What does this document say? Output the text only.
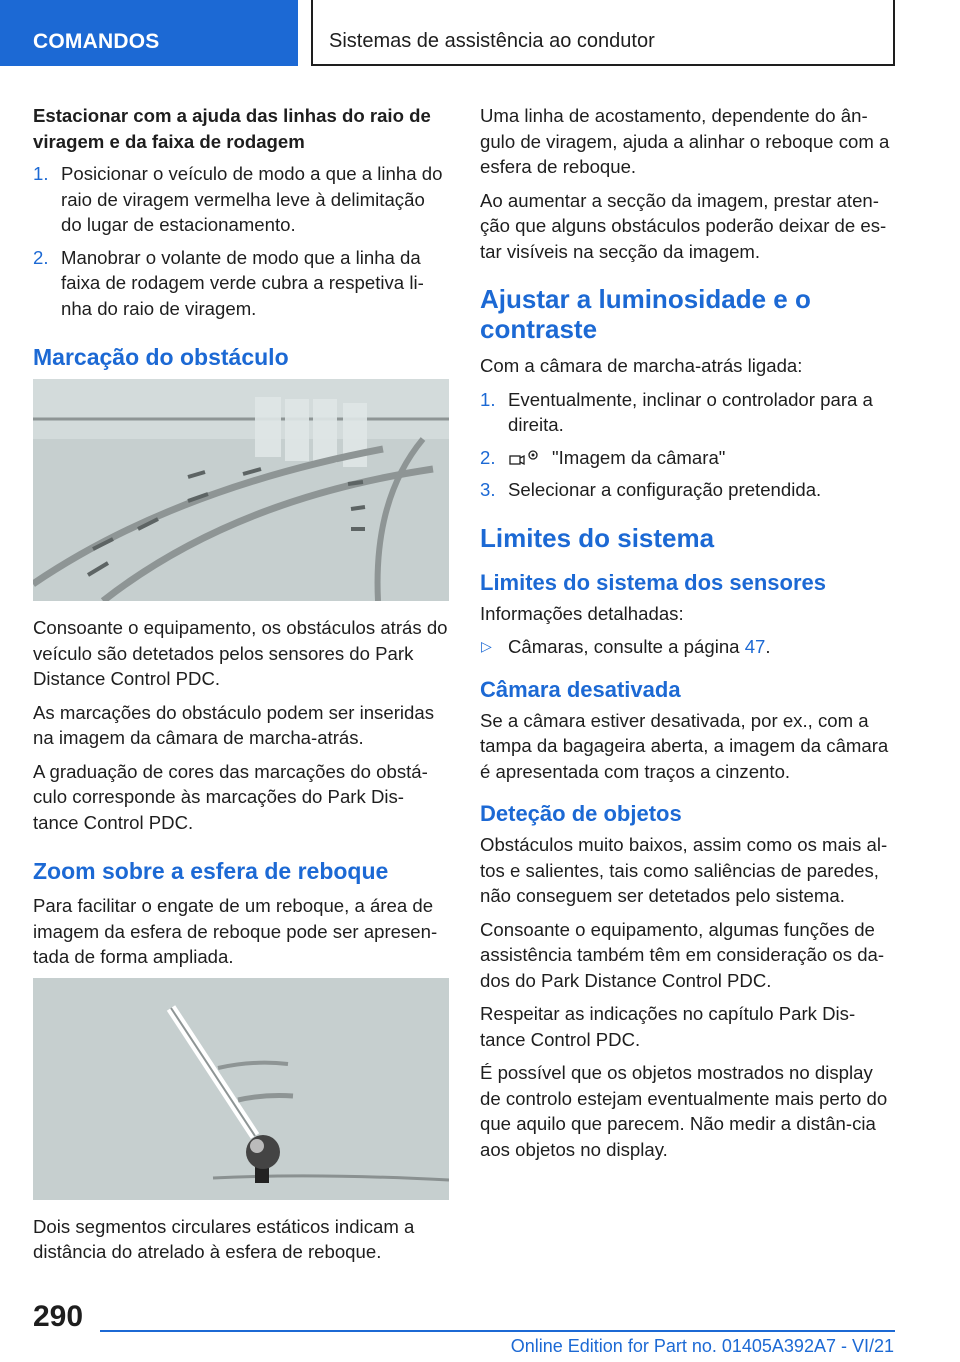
COMANDOS	Sistemas de assistência ao condutor

Estacionar com a ajuda das linhas do raio de viragem e da faixa de rodagem

1. Posicionar o veículo de modo a que a linha do raio de viragem vermelha leve à delimitação do lugar de estacionamento.
2. Manobrar o volante de modo que a linha da faixa de rodagem verde cubra a respetiva li-nha do raio de viragem.
Marcação do obstáculo

Consoante o equipamento, os obstáculos atrás do veículo são detetados pelos sensores do Park Distance Control PDC.

As marcações do obstáculo podem ser inseridas na imagem da câmara de marcha-atrás.

A graduação de cores das marcações do obstá-culo corresponde às marcações do Park Dis-tance Control PDC.

Zoom sobre a esfera de reboque

Para facilitar o engate de um reboque, a área de imagem da esfera de reboque pode ser apresen-tada de forma ampliada.

Dois segmentos circulares estáticos indicam a distância do atrelado à esfera de reboque.

Uma linha de acostamento, dependente do ân-gulo de viragem, ajuda a alinhar o reboque com a esfera de reboque.

Ao aumentar a secção da imagem, prestar aten-ção que alguns obstáculos poderão deixar de es-tar visíveis na secção da imagem.

Ajustar a luminosidade e o contraste

Com a câmara de marcha-atrás ligada:

1. Eventualmente, inclinar o controlador para a direita.
2.	"Imagem da câmara"
3. Selecionar a configuração pretendida.
Limites do sistema
Limites do sistema dos sensores

Informações detalhadas:

▷ Câmaras, consulte a página 47.
Câmara desativada

Se a câmara estiver desativada, por ex., com a tampa da bagageira aberta, a imagem da câmara é apresentada com traços a cinzento.

Deteção de objetos

Obstáculos muito baixos, assim como os mais al-tos e salientes, tais como saliências de paredes, não conseguem ser detetados pelo sistema.

Consoante o equipamento, algumas funções de assistência também têm em consideração os da-dos do Park Distance Control PDC.

Respeitar as indicações no capítulo Park Dis-tance Control PDC.

É possível que os objetos mostrados no display de controlo estejam eventualmente mais perto do que aquilo que parecem. Não medir a distân-cia aos objetos no display.

290
Online Edition for Part no. 01405A392A7 - VI/21
